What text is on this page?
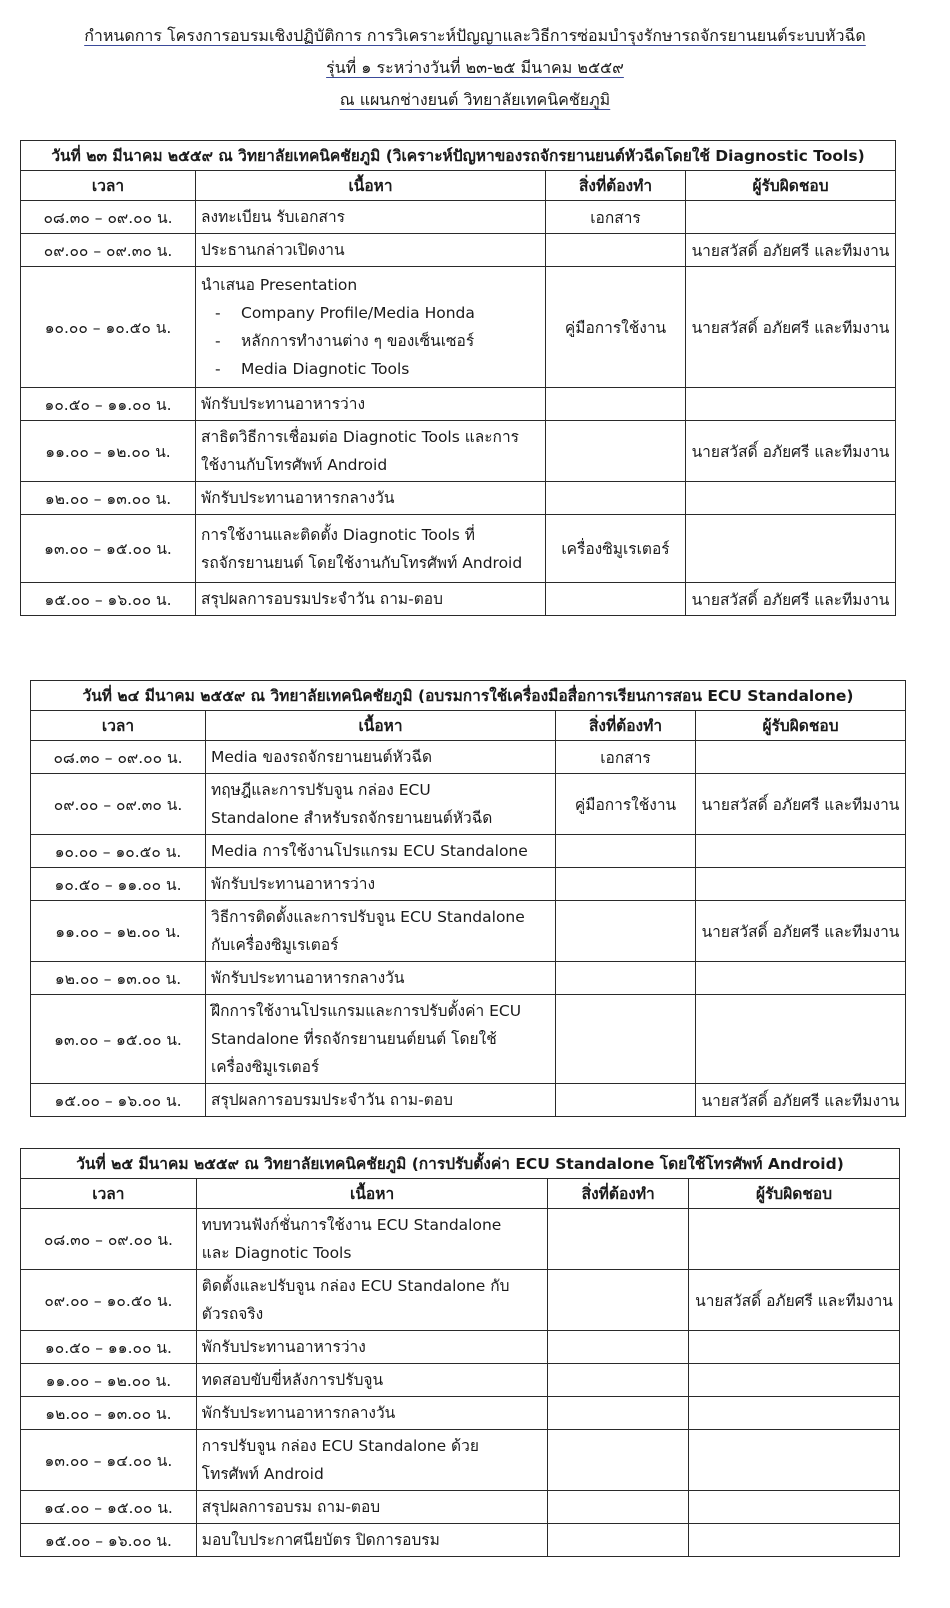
กำหนดการ โครงการอบรมเชิงปฏิบัติการ การวิเคราะห์ปัญญาและวิธีการซ่อมบำรุงรักษารถจักรยานยนต์ระบบหัวฉีด
รุ่นที่ ๑ ระหว่างวันที่ ๒๓-๒๕ มีนาคม ๒๕๕๙
ณ แผนกช่างยนต์ วิทยาลัยเทคนิคชัยภูมิ
วันที่ ๒๓ มีนาคม ๒๕๕๙ ณ วิทยาลัยเทคนิคชัยภูมิ (วิเคราะห์ปัญหาของรถจักรยานยนต์หัวฉีดโดยใช้ Diagnostic Tools)			
เวลา	เนื้อหา	สิ่งที่ต้องทำ	ผู้รับผิดชอบ
๐๘.๓๐ – ๐๙.๐๐ น.	ลงทะเบียน รับเอกสาร	เอกสาร	
๐๙.๐๐ – ๐๙.๓๐ น.	ประธานกล่าวเปิดงาน		นายสวัสดิ์ อภัยศรี และทีมงาน
๑๐.๐๐ – ๑๐.๕๐ น.	นำเสนอ Presentation
- Company Profile/Media Honda
- หลักการทำงานต่าง ๆ ของเซ็นเซอร์
- Media Diagnotic Tools	คู่มือการใช้งาน	นายสวัสดิ์ อภัยศรี และทีมงาน
๑๐.๕๐ – ๑๑.๐๐ น.	พักรับประทานอาหารว่าง		

๑๑.๐๐ – ๑๒.๐๐ น.	สาธิตวิธีการเชื่อมต่อ Diagnotic Tools และการ
ใช้งานกับโทรศัพท์ Android		นายสวัสดิ์ อภัยศรี และทีมงาน
๑๒.๐๐ – ๑๓.๐๐ น.	พักรับประทานอาหารกลางวัน		

๑๓.๐๐ – ๑๕.๐๐ น.	การใช้งานและติดตั้ง Diagnotic Tools ที่
รถจักรยานยนต์ โดยใช้งานกับโทรศัพท์ Android	เครื่องซิมูเรเตอร์	
๑๕.๐๐ – ๑๖.๐๐ น.	สรุปผลการอบรมประจำวัน ถาม-ตอบ		นายสวัสดิ์ อภัยศรี และทีมงาน
วันที่ ๒๔ มีนาคม ๒๕๕๙ ณ วิทยาลัยเทคนิคชัยภูมิ (อบรมการใช้เครื่องมือสื่อการเรียนการสอน ECU Standalone)			
เวลา	เนื้อหา	สิ่งที่ต้องทำ	ผู้รับผิดชอบ
๐๘.๓๐ – ๐๙.๐๐ น.	Media ของรถจักรยานยนต์หัวฉีด	เอกสาร	
๐๙.๐๐ – ๐๙.๓๐ น.	ทฤษฎีและการปรับจูน กล่อง ECU
Standalone สำหรับรถจักรยานยนต์หัวฉีด	คู่มือการใช้งาน	นายสวัสดิ์ อภัยศรี และทีมงาน
๑๐.๐๐ – ๑๐.๕๐ น.	Media การใช้งานโปรแกรม ECU Standalone		

๑๐.๕๐ – ๑๑.๐๐ น.	พักรับประทานอาหารว่าง		

๑๑.๐๐ – ๑๒.๐๐ น.	วิธีการติดตั้งและการปรับจูน ECU Standalone
กับเครื่องซิมูเรเตอร์		นายสวัสดิ์ อภัยศรี และทีมงาน
๑๒.๐๐ – ๑๓.๐๐ น.	พักรับประทานอาหารกลางวัน		

๑๓.๐๐ – ๑๕.๐๐ น.	ฝึกการใช้งานโปรแกรมและการปรับตั้งค่า ECU
Standalone ที่รถจักรยานยนต์ยนต์ โดยใช้
เครื่องซิมูเรเตอร์		

๑๕.๐๐ – ๑๖.๐๐ น.	สรุปผลการอบรมประจำวัน ถาม-ตอบ		นายสวัสดิ์ อภัยศรี และทีมงาน
วันที่ ๒๕ มีนาคม ๒๕๕๙ ณ วิทยาลัยเทคนิคชัยภูมิ (การปรับตั้งค่า ECU Standalone โดยใช้โทรศัพท์ Android)			
เวลา	เนื้อหา	สิ่งที่ต้องทำ	ผู้รับผิดชอบ
๐๘.๓๐ – ๐๙.๐๐ น.	ทบทวนฟังก์ชั่นการใช้งาน ECU Standalone
และ Diagnotic Tools		

๐๙.๐๐ – ๑๐.๕๐ น.	ติดตั้งและปรับจูน กล่อง ECU Standalone กับ
ตัวรถจริง		นายสวัสดิ์ อภัยศรี และทีมงาน
๑๐.๕๐ – ๑๑.๐๐ น.	พักรับประทานอาหารว่าง		

๑๑.๐๐ – ๑๒.๐๐ น.	ทดสอบขับขี่หลังการปรับจูน		

๑๒.๐๐ – ๑๓.๐๐ น.	พักรับประทานอาหารกลางวัน		

๑๓.๐๐ – ๑๔.๐๐ น.	การปรับจูน กล่อง ECU Standalone ด้วย
โทรศัพท์ Android		

๑๔.๐๐ – ๑๕.๐๐ น.	สรุปผลการอบรม ถาม-ตอบ		

๑๕.๐๐ – ๑๖.๐๐ น.	มอบใบประกาศนียบัตร ปิดการอบรม		
